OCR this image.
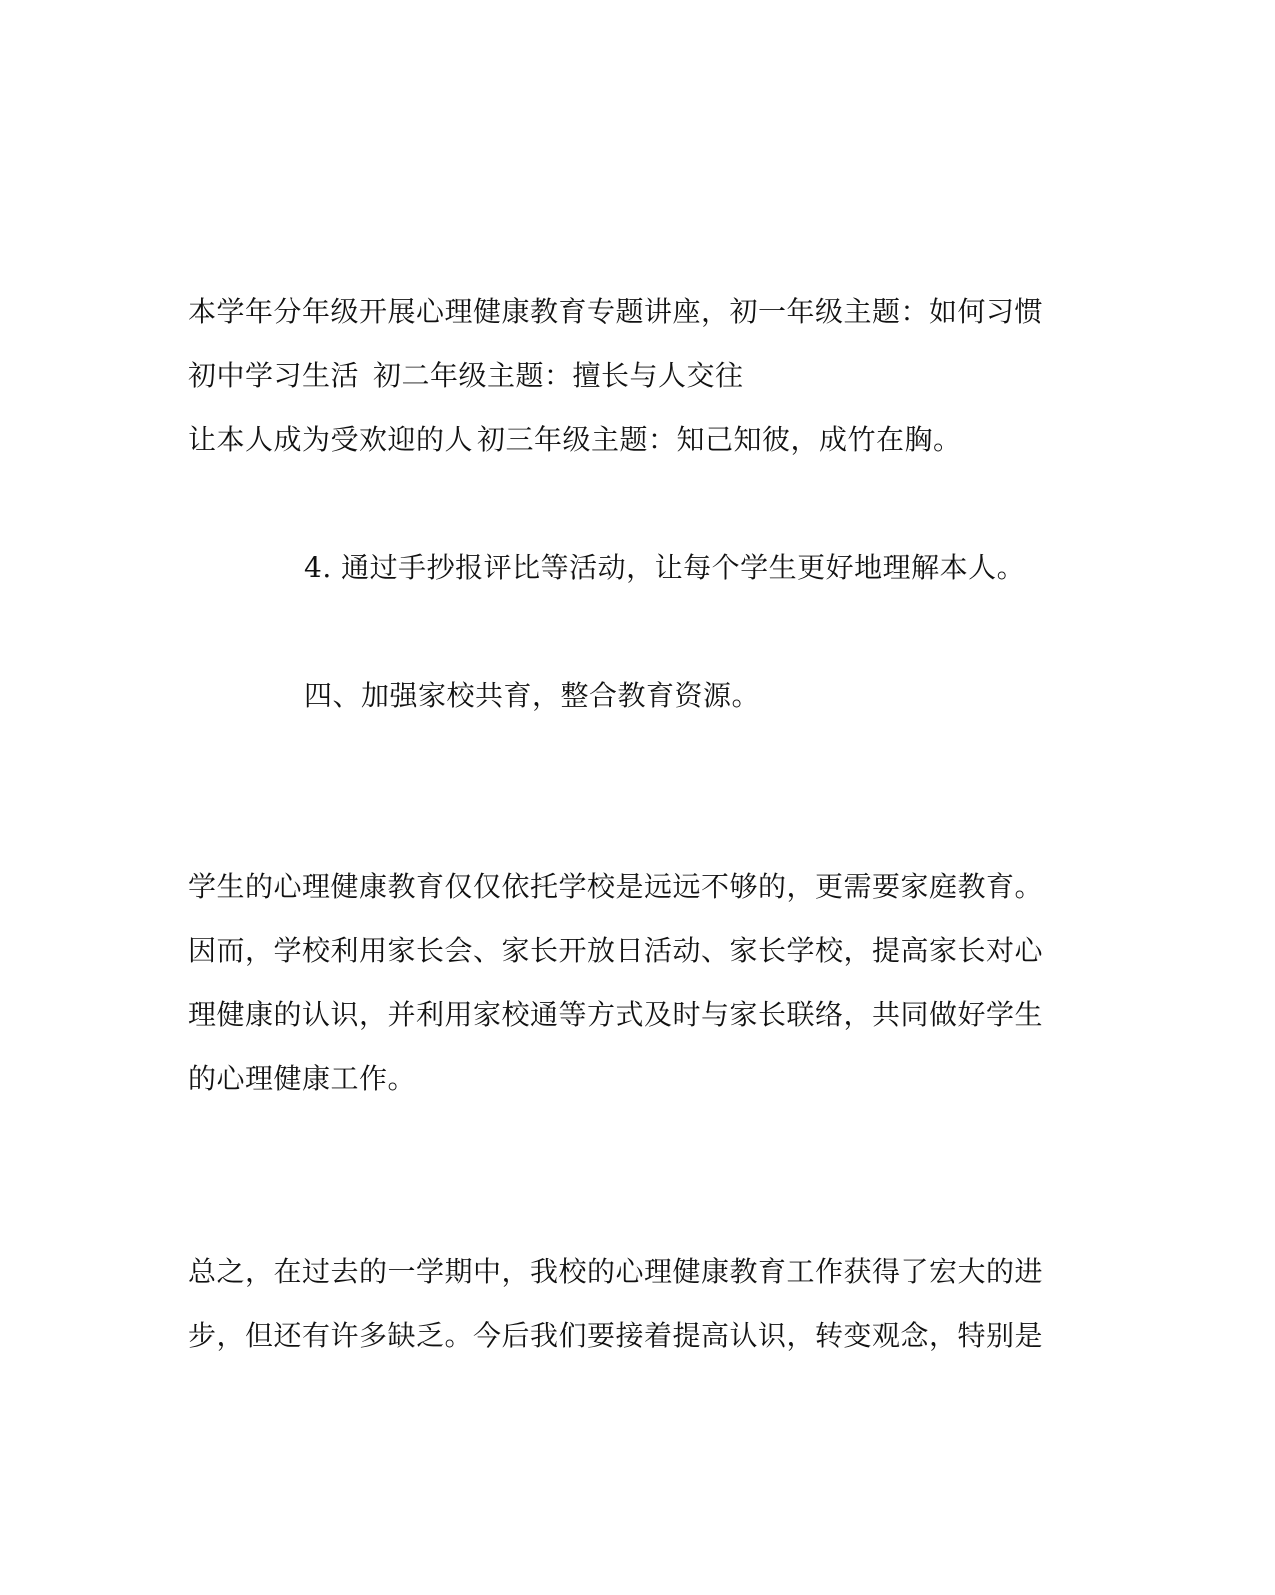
本学年分年级开展心理健康教育专题讲座，初一年级主题：如何习惯
初中学习生活 初二年级主题：擅长与人交往
让本人成为受欢迎的人 初三年级主题：知己知彼，成竹在胸。
4. 通过手抄报评比等活动，让每个学生更好地理解本人。
四、加强家校共育，整合教育资源。
学生的心理健康教育仅仅依托学校是远远不够的，更需要家庭教育。
因而，学校利用家长会、家长开放日活动、家长学校，提高家长对心
理健康的认识，并利用家校通等方式及时与家长联络，共同做好学生
的心理健康工作。
总之，在过去的一学期中，我校的心理健康教育工作获得了宏大的进
步，但还有许多缺乏。今后我们要接着提高认识，转变观念，特别是
